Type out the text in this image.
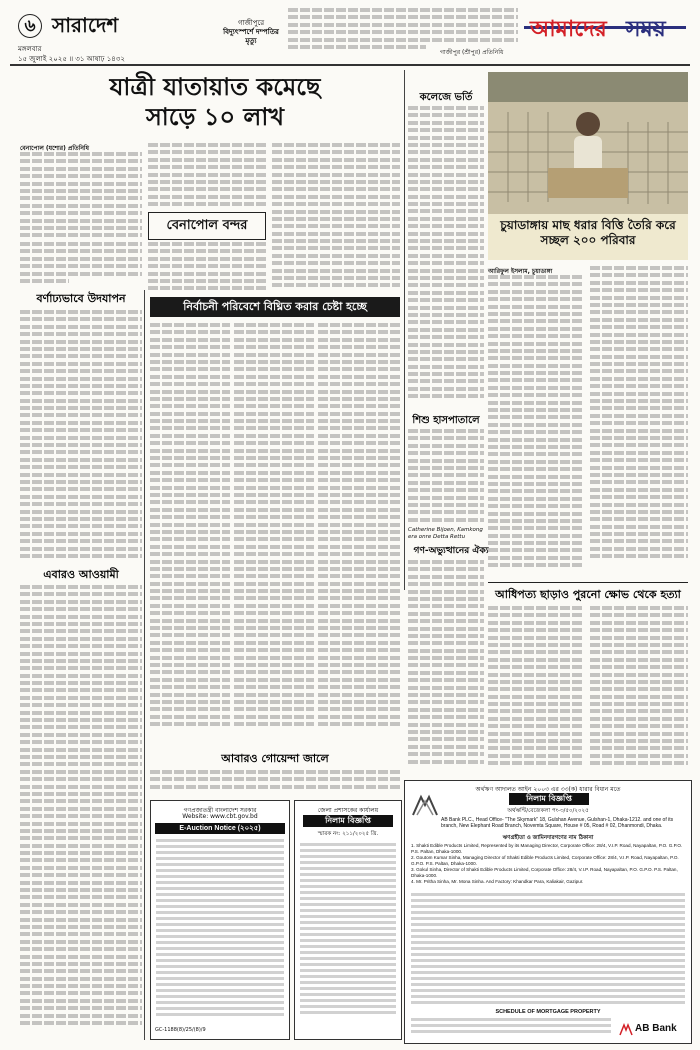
৬ সারাদেশ
মঙ্গলবার
১৫ জুলাই ২০২৫ ॥ ৩১ আষাঢ় ১৪৩২
গাজীপুরে
বিদ্যুৎস্পর্শে দম্পতির মৃত্যু
গাজীপুর (শ্রীপুর) প্রতিনিধি
আমাদের সময়
যাত্রী যাতায়াত কমেছে
সাড়ে ১০ লাখ
বেনাপোল (যশোর) প্রতিনিধি
বেনাপোল বন্দর
বর্ণাঢ্যভাবে উদযাপন
এবারও আওয়ামী
নির্বাচনী পরিবেশে বিঘ্নিত করার চেষ্টা হচ্ছে
আবারও গোয়েন্দা জালে
গণপ্রজাতন্ত্রী বাংলাদেশ সরকার
Website: www.cbt.gov.bd
E-Auction Notice (২০২৫)
GC-1188(8)/25/(8)/9
জেলা প্রশাসকের কার্যালয়
নিলাম বিজ্ঞপ্তি
স্মারক নং: ২১১/২০২৫ খ্রি.
কলেজে ভর্তি
শিশু হাসপাতালে
Catherine Bijoen, Kamkong era onre Detta Rettu
গণ-অভ্যুত্থানের ঐক্য
চুয়াডাঙ্গায় মাছ ধরার বিত্তি তৈরি করে সচ্ছল ২০০ পরিবার
আরিফুল ইসলাম, চুয়াডাঙ্গা
আধিপত্য ছাড়াও পুরনো ক্ষোভ থেকে হত্যা
অর্থঋণ আদালত আইন ২০০৩ এর ৩৩(ক) ধারার বিধান মতে
নিলাম বিজ্ঞপ্তি
অর্থঋণ্টি/বেজেকলা পং-৩/৫০/২০২৫
AB Bank PLC., Head Office- "The Skymark" 18, Gulshan Avenue, Gulshan-1, Dhaka-1212. and one of its branch, New Elephant Road Branch, Novemta Square, House # 05, Road # 02, Dhanmondi, Dhaka.
ঋণগ্রহীতা ও জামিনদারগণের নাম ঠিকানা
1. Shakti Edible Products Limited, Represented by its Managing Director, Corporate Office: 28/4, V.I.P. Road, Nayapaltan, P.O. G.P.O. P.S. Paltan, Dhaka-1000.
2. Goutom Kumar Sinha, Managing Director of Shakti Edible Products Limited, Corporate Office: 28/4, V.I.P. Road, Nayapaltan, P.O. G.P.O. P.S. Paltan, Dhaka-1000.
3. Gokul Sinha, Director of Shakti Edible Products Limited, Corporate Office: 28/4, V.I.P. Road, Nayapaltan, P.O. G.P.O. P.S. Paltan, Dhaka-1000.
4. Mr. Pritha Sinha, Mr. Mona Sinha. And Factory: Khandkar Para, Kaliakair, Gazipur.
SCHEDULE OF MORTGAGE PROPERTY
AB Bank
